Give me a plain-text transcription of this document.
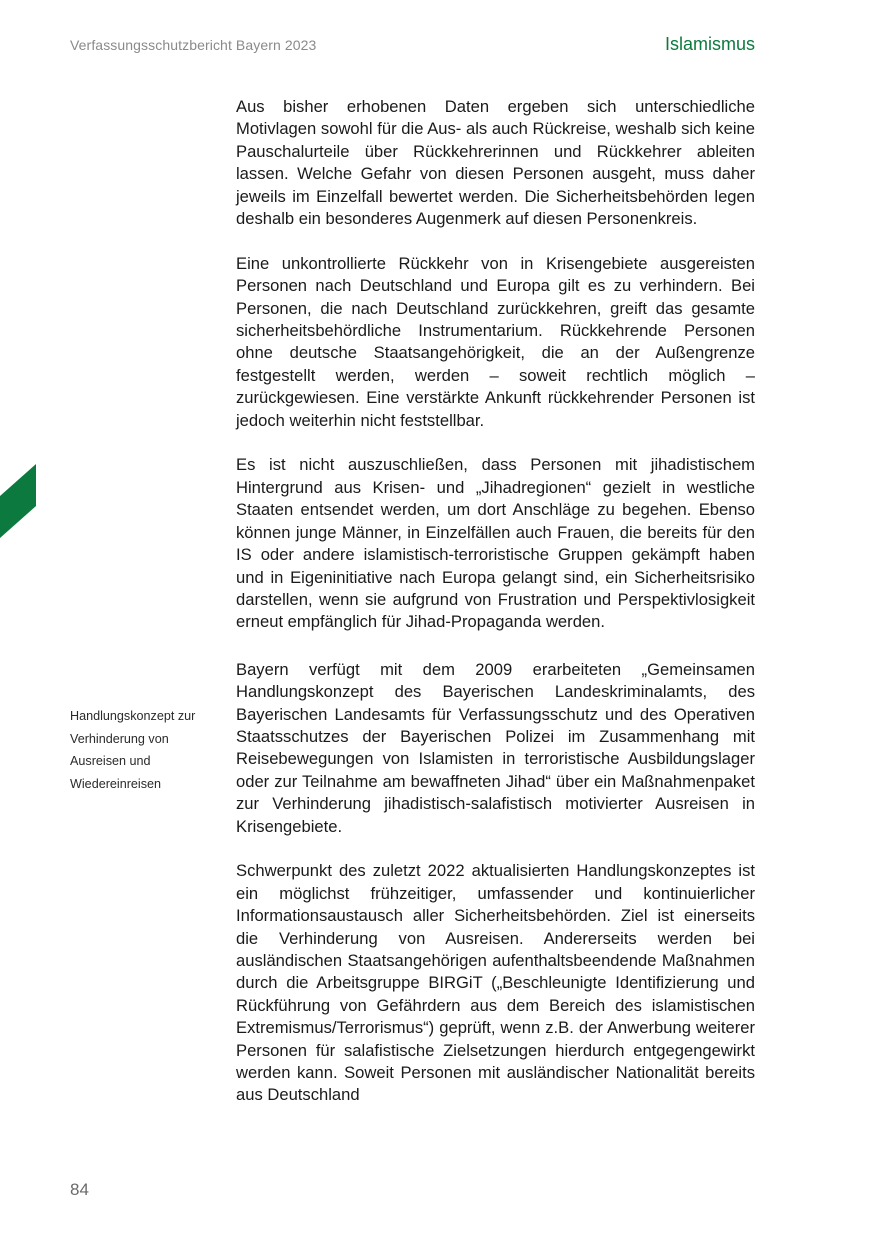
Verfassungsschutzbericht Bayern 2023	Islamismus

Aus bisher erhobenen Daten ergeben sich unterschiedliche Motivlagen sowohl für die Aus- als auch Rückreise, weshalb sich keine Pauschalurteile über Rückkehrerinnen und Rückkehrer ableiten lassen. Welche Gefahr von diesen Personen ausgeht, muss daher jeweils im Einzelfall bewertet werden. Die Sicherheitsbehörden legen deshalb ein besonderes Augenmerk auf diesen Personenkreis.

Eine unkontrollierte Rückkehr von in Krisengebiete ausgereisten Personen nach Deutschland und Europa gilt es zu verhindern. Bei Personen, die nach Deutschland zurückkehren, greift das gesamte sicherheitsbehördliche Instrumentarium. Rückkehrende Personen ohne deutsche Staatsangehörigkeit, die an der Außengrenze festgestellt werden, werden – soweit rechtlich möglich – zurückgewiesen. Eine verstärkte Ankunft rückkehrender Personen ist jedoch weiterhin nicht feststellbar.

Es ist nicht auszuschließen, dass Personen mit jihadistischem Hintergrund aus Krisen- und „Jihadregionen“ gezielt in westliche Staaten entsendet werden, um dort Anschläge zu begehen. Ebenso können junge Männer, in Einzelfällen auch Frauen, die bereits für den IS oder andere islamistisch-terroristische Gruppen gekämpft haben und in Eigeninitiative nach Europa gelangt sind, ein Sicherheitsrisiko darstellen, wenn sie aufgrund von Frustration und Perspektivlosigkeit erneut empfänglich für Jihad-Propaganda werden.

Bayern verfügt mit dem 2009 erarbeiteten „Gemeinsamen Handlungskonzept des Bayerischen Landeskriminalamts, des Bayerischen Landesamts für Verfassungsschutz und des Operativen Staatsschutzes der Bayerischen Polizei im Zusammenhang mit Reisebewegungen von Islamisten in terroristische Ausbildungslager oder zur Teilnahme am bewaffneten Jihad“ über ein Maßnahmenpaket zur Verhinderung jihadistisch-salafistisch motivierter Ausreisen in Krisengebiete.

Schwerpunkt des zuletzt 2022 aktualisierten Handlungskonzeptes ist ein möglichst frühzeitiger, umfassender und kontinuierlicher Informationsaustausch aller Sicherheitsbehörden. Ziel ist einerseits die Verhinderung von Ausreisen. Andererseits werden bei ausländischen Staatsangehörigen aufenthaltsbeendende Maßnahmen durch die Arbeitsgruppe BIRGiT („Beschleunigte Identifizierung und Rückführung von Gefährdern aus dem Bereich des islamistischen Extremismus/Terrorismus“) geprüft, wenn z.B. der Anwerbung weiterer Personen für salafistische Zielsetzungen hierdurch entgegengewirkt werden kann. Soweit Personen mit ausländischer Nationalität bereits aus Deutschland

Handlungskonzept zur Verhinderung von Ausreisen und Wiedereinreisen
84
